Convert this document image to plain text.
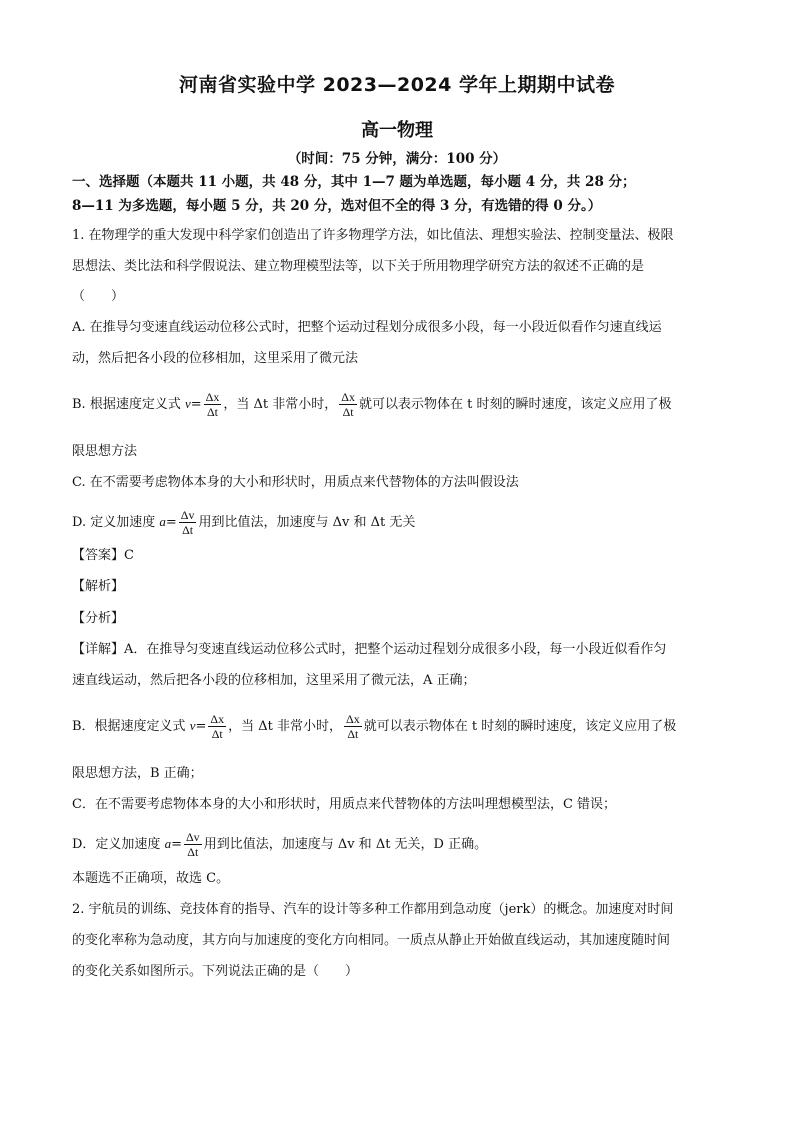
河南省实验中学 2023—2024 学年上期期中试卷
高一物理
（时间：75 分钟，满分：100 分）
一、选择题（本题共 11 小题，共 48 分，其中 1—7 题为单选题，每小题 4 分，共 28 分；
8—11 为多选题，每小题 5 分，共 20 分，选对但不全的得 3 分，有选错的得 0 分。）
1. 在物理学的重大发现中科学家们创造出了许多物理学方法，如比值法、理想实验法、控制变量法、极限
思想法、类比法和科学假说法、建立物理模型法等，以下关于所用物理学研究方法的叙述不正确的是
（　　）
A. 在推导匀变速直线运动位移公式时，把整个运动过程划分成很多小段，每一小段近似看作匀速直线运
动，然后把各小段的位移相加，这里采用了微元法
B. 根据速度定义式 $v= \frac{\Delta x}{\Delta t}$ ，当 Δt 非常小时， $\frac{\Delta x}{\Delta t}$ 就可以表示物体在 t 时刻的瞬时速度，该定义应用了极
限思想方法
C. 在不需要考虑物体本身的大小和形状时，用质点来代替物体的方法叫假设法
D. 定义加速度 $a= \frac{\Delta v}{\Delta t}$ 用到比值法，加速度与 Δv 和 Δt 无关
【答案】C
【解析】
【分析】
【详解】A．在推导匀变速直线运动位移公式时，把整个运动过程划分成很多小段，每一小段近似看作匀
速直线运动，然后把各小段的位移相加，这里采用了微元法，A 正确；
B．根据速度定义式 $v= \frac{\Delta x}{\Delta t}$ ，当 Δt 非常小时， $\frac{\Delta x}{\Delta t}$ 就可以表示物体在 t 时刻的瞬时速度，该定义应用了极
限思想方法，B 正确；
C．在不需要考虑物体本身的大小和形状时，用质点来代替物体的方法叫理想模型法，C 错误；
D．定义加速度 $a= \frac{\Delta v}{\Delta t}$ 用到比值法，加速度与 Δv 和 Δt 无关，D 正确。
本题选不正确项，故选 C。
2. 宇航员的训练、竞技体育的指导、汽车的设计等多种工作都用到急动度（jerk）的概念。加速度对时间
的变化率称为急动度，其方向与加速度的变化方向相同。一质点从静止开始做直线运动，其加速度随时间
的变化关系如图所示。下列说法正确的是（　　）
